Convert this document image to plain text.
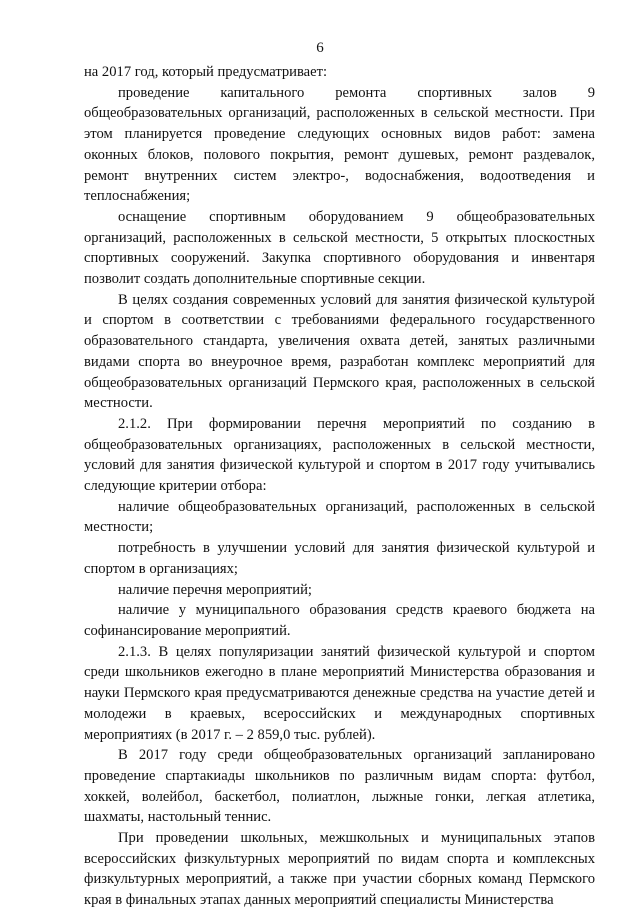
6

на 2017 год, который предусматривает:

проведение капитального ремонта спортивных залов 9 общеобразовательных организаций, расположенных в сельской местности. При этом планируется проведение следующих основных видов работ: замена оконных блоков, полового покрытия, ремонт душевых, ремонт раздевалок, ремонт внутренних систем электро-, водоснабжения, водоотведения и теплоснабжения;

оснащение спортивным оборудованием 9 общеобразовательных организаций, расположенных в сельской местности, 5 открытых плоскостных спортивных сооружений. Закупка спортивного оборудования и инвентаря позволит создать дополнительные спортивные секции.

В целях создания современных условий для занятия физической культурой и спортом в соответствии с требованиями федерального государственного образовательного стандарта, увеличения охвата детей, занятых различными видами спорта во внеурочное время, разработан комплекс мероприятий для общеобразовательных организаций Пермского края, расположенных в сельской местности.

2.1.2. При формировании перечня мероприятий по созданию в общеобразовательных организациях, расположенных в сельской местности, условий для занятия физической культурой и спортом в 2017 году учитывались следующие критерии отбора:

наличие общеобразовательных организаций, расположенных в сельской местности;

потребность в улучшении условий для занятия физической культурой и спортом в организациях;

наличие перечня мероприятий;

наличие у муниципального образования средств краевого бюджета на софинансирование мероприятий.

2.1.3. В целях популяризации занятий физической культурой и спортом среди школьников ежегодно в плане мероприятий Министерства образования и науки Пермского края предусматриваются денежные средства на участие детей и молодежи в краевых, всероссийских и международных спортивных мероприятиях (в 2017 г. – 2 859,0 тыс. рублей).

В 2017 году среди общеобразовательных организаций запланировано проведение спартакиады школьников по различным видам спорта: футбол, хоккей, волейбол, баскетбол, полиатлон, лыжные гонки, легкая атлетика, шахматы, настольный теннис.

При проведении школьных, межшкольных и муниципальных этапов всероссийских физкультурных мероприятий по видам спорта и комплексных физкультурных мероприятий, а также при участии сборных команд Пермского края в финальных этапах данных мероприятий специалисты Министерства
